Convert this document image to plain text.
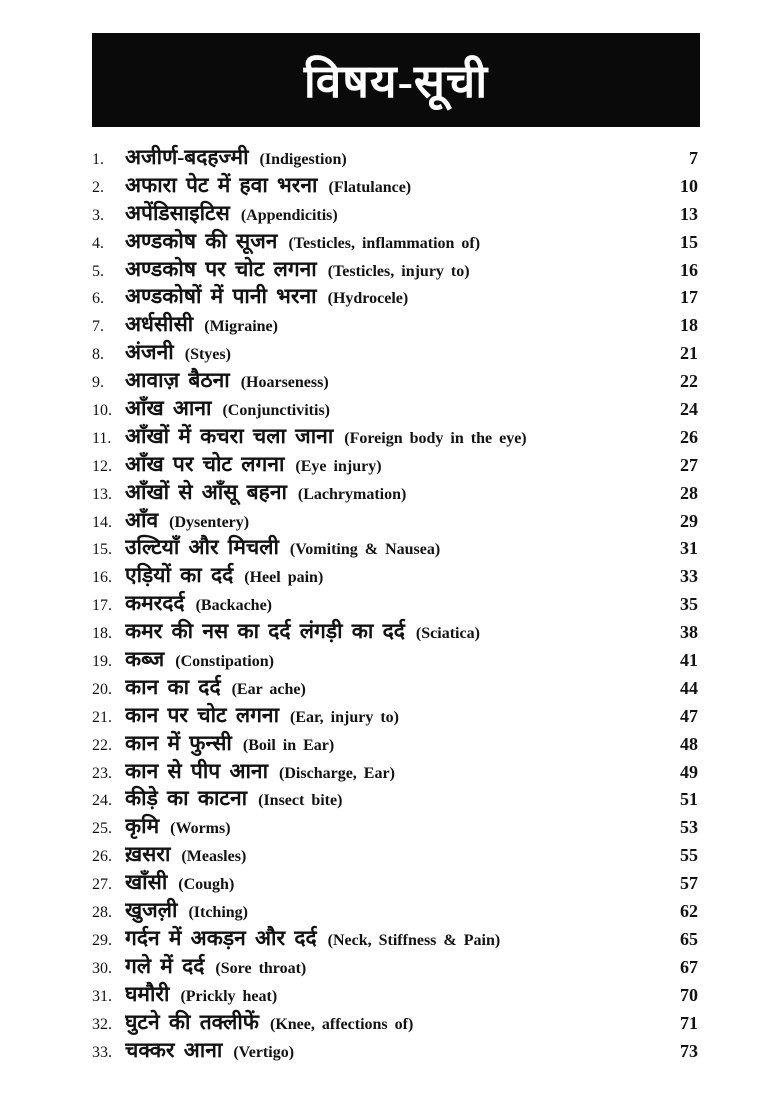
विषय-सूची
1.	अजीर्ण-बदहज्मी (Indigestion)	7
2.	अफारा पेट में हवा भरना (Flatulance)	10
3.	अपेंडिसाइटिस (Appendicitis)	13
4.	अण्डकोष की सूजन (Testicles, inflammation of)	15
5.	अण्डकोष पर चोट लगना (Testicles, injury to)	16
6.	अण्डकोषों में पानी भरना (Hydrocele)	17
7.	अर्धसीसी (Migraine)	18
8.	अंजनी (Styes)	21
9.	आवाज़ बैठना (Hoarseness)	22
10. आँख आना (Conjunctivitis)	24
11. आँखों में कचरा चला जाना (Foreign body in the eye)	26
12. आँख पर चोट लगना (Eye injury)	27
13. आँखों से आँसू बहना (Lachrymation)	28
14. आँव (Dysentery)	29
15. उल्टियाँ और मिचली (Vomiting & Nausea)	31
16. एड़ियों का दर्द (Heel pain)	33
17. कमरदर्द (Backache)	35
18. कमर की नस का दर्द लंगड़ी का दर्द (Sciatica)	38
19. कब्ज (Constipation)	41
20. कान का दर्द (Ear ache)	44
21. कान पर चोट लगना (Ear, injury to)	47
22. कान में फुन्सी (Boil in Ear)	48
23. कान से पीप आना (Discharge, Ear)	49
24. कीड़े का काटना (Insect bite)	51
25. कृमि (Worms)	53
26. ख़सरा (Measles)	55
27. खाँसी (Cough)	57
28. खुजल़ी (Itching)	62
29. गर्दन में अकड़न और दर्द (Neck, Stiffness & Pain)	65
30. गले में दर्द (Sore throat)	67
31. घमौरी (Prickly heat)	70
32. घुटने की तक्लीफें (Knee, affections of)	71
33. चक्कर आना (Vertigo)	73
